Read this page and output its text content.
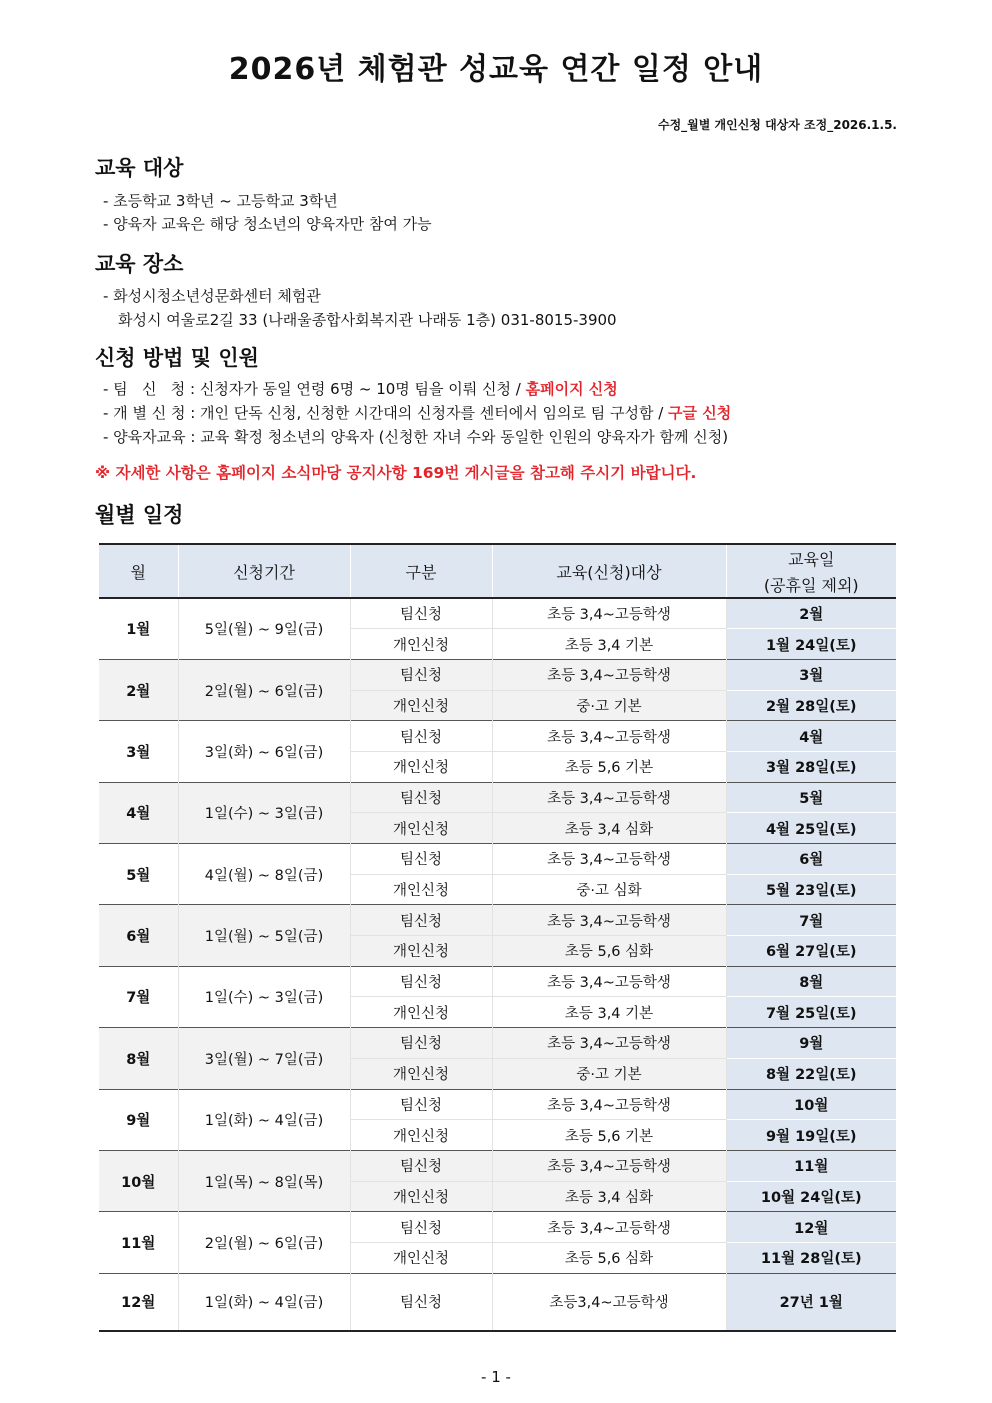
2026년 체험관 성교육 연간 일정 안내
수정_월별 개인신청 대상자 조정_2026.1.5.
교육 대상
- 초등학교 3학년 ~ 고등학교 3학년
- 양육자 교육은 해당 청소년의 양육자만 참여 가능
교육 장소
- 화성시청소년성문화센터 체험관
화성시 여울로2길 33 (나래울종합사회복지관 나래동 1층) 031-8015-3900
신청 방법 및 인원
- 팀   신   청 : 신청자가 동일 연령 6명 ~ 10명 팀을 이뤄 신청 / 홈페이지 신청
- 개 별 신 청 : 개인 단독 신청, 신청한 시간대의 신청자를 센터에서 임의로 팀 구성함 / 구글 신청
- 양육자교육 : 교육 확정 청소년의 양육자 (신청한 자녀 수와 동일한 인원의 양육자가 함께 신청)
※ 자세한 사항은 홈페이지 소식마당 공지사항 169번 게시글을 참고해 주시기 바랍니다.
월별 일정
월	신청기간	구분	교육(신청)대상	교육일
(공휴일 제외)

1월	5일(월) ~ 9일(금)	팀신청	초등 3,4~고등학생	2월
		개인신청	초등 3,4 기본	1월 24일(토)
2월	2일(월) ~ 6일(금)	팀신청	초등 3,4~고등학생	3월
		개인신청	중·고 기본	2월 28일(토)
3월	3일(화) ~ 6일(금)	팀신청	초등 3,4~고등학생	4월
		개인신청	초등 5,6 기본	3월 28일(토)
4월	1일(수) ~ 3일(금)	팀신청	초등 3,4~고등학생	5월
		개인신청	초등 3,4 심화	4월 25일(토)
5월	4일(월) ~ 8일(금)	팀신청	초등 3,4~고등학생	6월
		개인신청	중·고 심화	5월 23일(토)
6월	1일(월) ~ 5일(금)	팀신청	초등 3,4~고등학생	7월
		개인신청	초등 5,6 심화	6월 27일(토)
7월	1일(수) ~ 3일(금)	팀신청	초등 3,4~고등학생	8월
		개인신청	초등 3,4 기본	7월 25일(토)
8월	3일(월) ~ 7일(금)	팀신청	초등 3,4~고등학생	9월
		개인신청	중·고 기본	8월 22일(토)
9월	1일(화) ~ 4일(금)	팀신청	초등 3,4~고등학생	10월
		개인신청	초등 5,6 기본	9월 19일(토)
10월	1일(목) ~ 8일(목)	팀신청	초등 3,4~고등학생	11월
		개인신청	초등 3,4 심화	10월 24일(토)
11월	2일(월) ~ 6일(금)	팀신청	초등 3,4~고등학생	12월
		개인신청	초등 5,6 심화	11월 28일(토)
12월	1일(화) ~ 4일(금)	팀신청	초등3,4~고등학생	27년 1월
- 1 -
